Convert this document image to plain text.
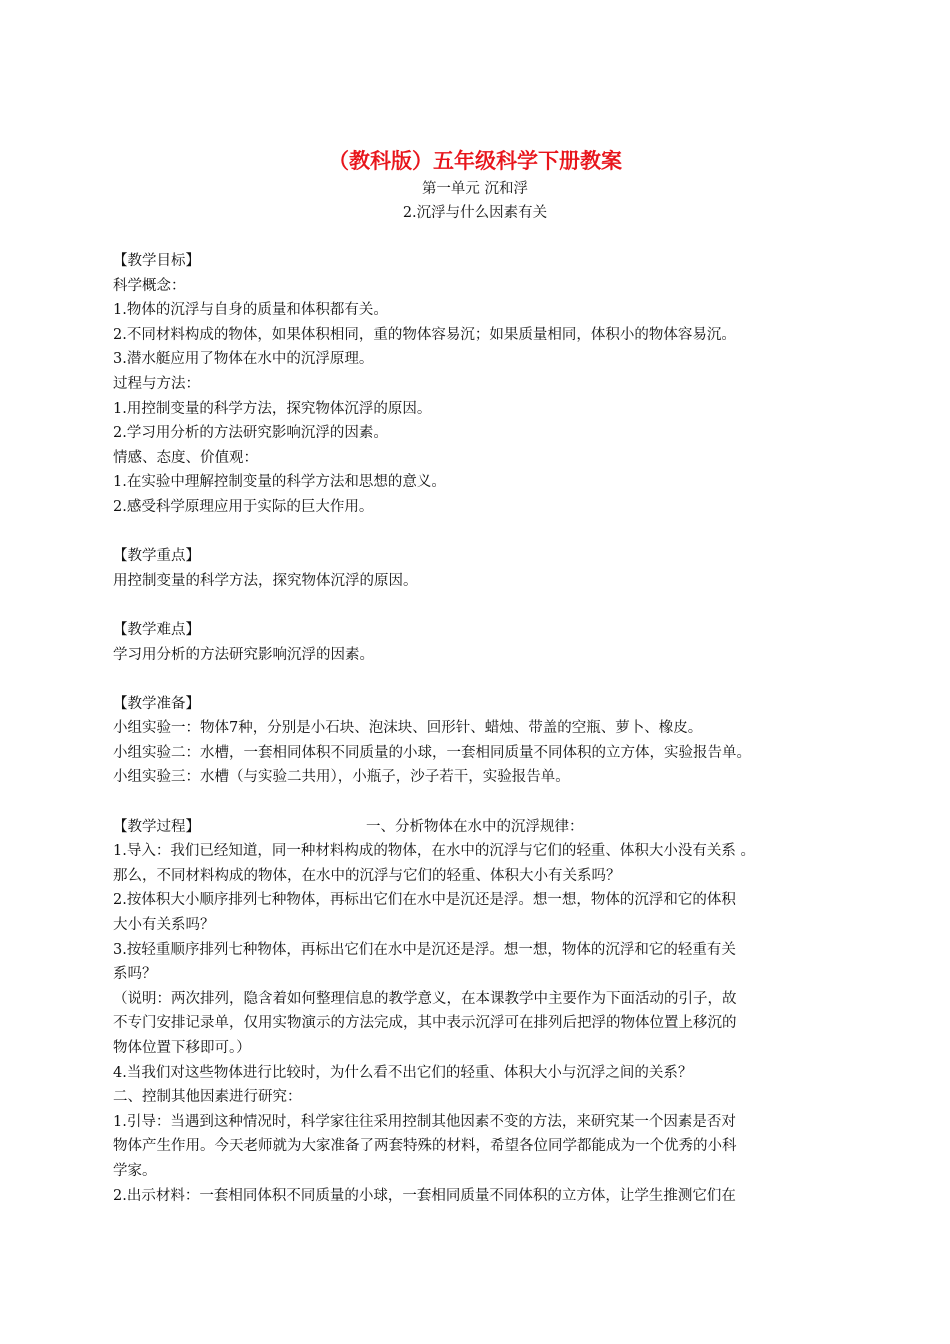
（教科版）五年级科学下册教案
第一单元 沉和浮
2.沉浮与什么因素有关
【教学目标】
科学概念：
1.物体的沉浮与自身的质量和体积都有关。
2.不同材料构成的物体，如果体积相同，重的物体容易沉；如果质量相同，体积小的物体容易沉。
3.潜水艇应用了物体在水中的沉浮原理。
过程与方法：
1.用控制变量的科学方法，探究物体沉浮的原因。
2.学习用分析的方法研究影响沉浮的因素。
情感、态度、价值观：
1.在实验中理解控制变量的科学方法和思想的意义。
2.感受科学原理应用于实际的巨大作用。
【教学重点】
用控制变量的科学方法，探究物体沉浮的原因。
【教学难点】
学习用分析的方法研究影响沉浮的因素。
【教学准备】
小组实验一：物体7种，分别是小石块、泡沫块、回形针、蜡烛、带盖的空瓶、萝卜、橡皮。
小组实验二：水槽，一套相同体积不同质量的小球，一套相同质量不同体积的立方体，实验报告单。
小组实验三：水槽（与实验二共用），小瓶子，沙子若干，实验报告单。
【教学过程】	一、分析物体在水中的沉浮规律：
1.导入：我们已经知道，同一种材料构成的物体，在水中的沉浮与它们的轻重、体积大小没有关系 。
那么，不同材料构成的物体，在水中的沉浮与它们的轻重、体积大小有关系吗？
2.按体积大小顺序排列七种物体，再标出它们在水中是沉还是浮。想一想，物体的沉浮和它的体积
大小有关系吗？
3.按轻重顺序排列七种物体，再标出它们在水中是沉还是浮。想一想，物体的沉浮和它的轻重有关
系吗？
（说明：两次排列，隐含着如何整理信息的教学意义，在本课教学中主要作为下面活动的引子，故
不专门安排记录单，仅用实物演示的方法完成，其中表示沉浮可在排列后把浮的物体位置上移沉的
物体位置下移即可。）
4.当我们对这些物体进行比较时，为什么看不出它们的轻重、体积大小与沉浮之间的关系？
二、控制其他因素进行研究：
1.引导：当遇到这种情况时，科学家往往采用控制其他因素不变的方法，来研究某一个因素是否对
物体产生作用。今天老师就为大家准备了两套特殊的材料，希望各位同学都能成为一个优秀的小科
学家。
2.出示材料：一套相同体积不同质量的小球，一套相同质量不同体积的立方体，让学生推测它们在
